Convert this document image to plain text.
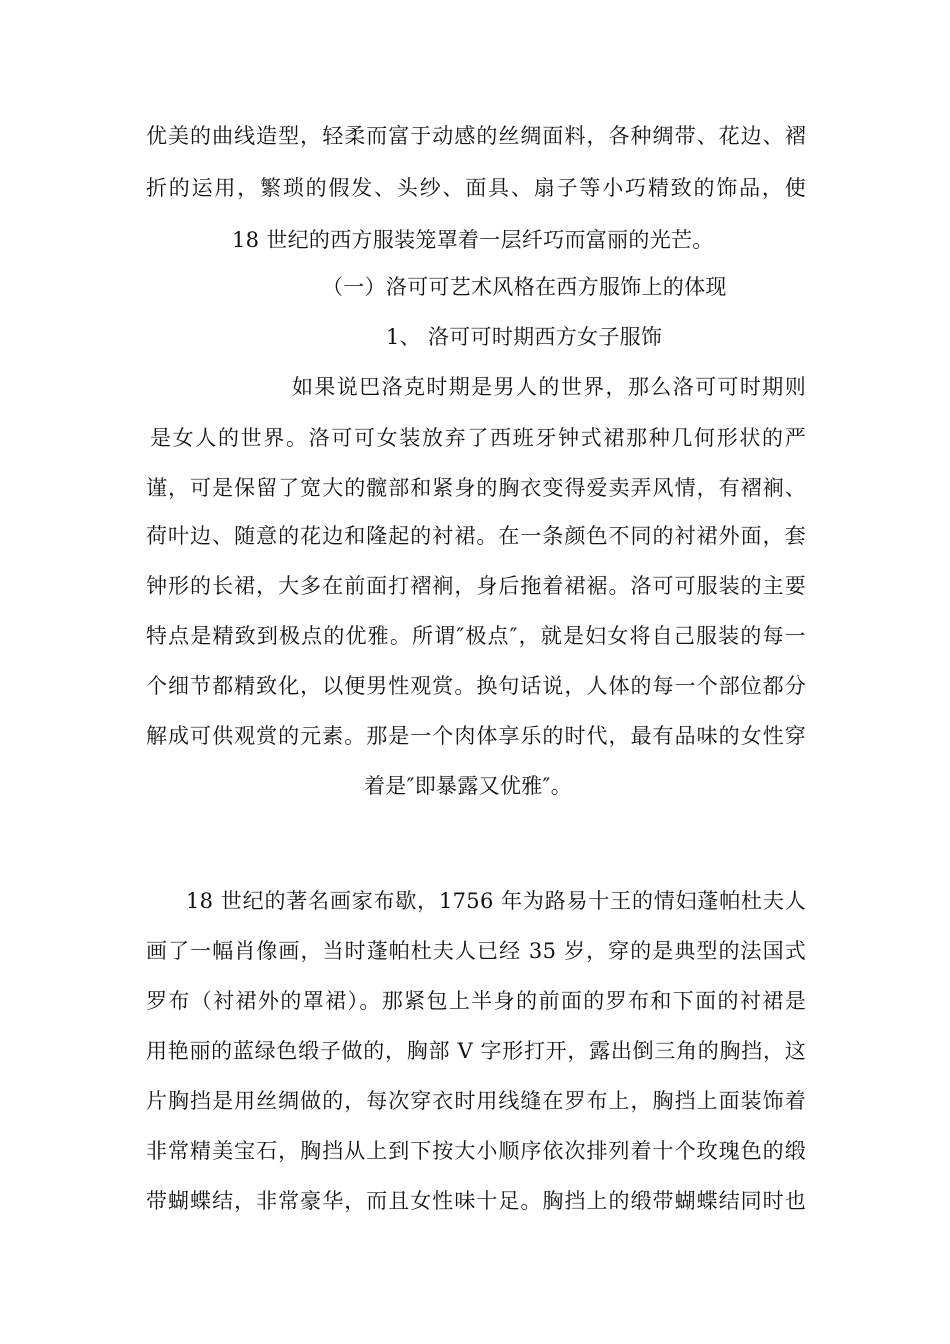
优美的曲线造型，轻柔而富于动感的丝绸面料，各种绸带、花边、褶
折的运用，繁琐的假发、头纱、面具、扇子等小巧精致的饰品，使
18 世纪的西方服装笼罩着一层纤巧而富丽的光芒。
（一）洛可可艺术风格在西方服饰上的体现
1、 洛可可时期西方女子服饰
如果说巴洛克时期是男人的世界，那么洛可可时期则
是女人的世界。洛可可女装放弃了西班牙钟式裙那种几何形状的严
谨，可是保留了宽大的髋部和紧身的胸衣变得爱卖弄风情，有褶裥、
荷叶边、随意的花边和隆起的衬裙。在一条颜色不同的衬裙外面，套
钟形的长裙，大多在前面打褶裥，身后拖着裙裾。洛可可服装的主要
特点是精致到极点的优雅。所谓″极点″，就是妇女将自己服装的每一
个细节都精致化，以便男性观赏。换句话说，人体的每一个部位都分
解成可供观赏的元素。那是一个肉体享乐的时代，最有品味的女性穿
着是″即暴露又优雅″。
18 世纪的著名画家布歇，1756 年为路易十王的情妇蓬帕杜夫人
画了一幅肖像画，当时蓬帕杜夫人已经 35 岁，穿的是典型的法国式
罗布（衬裙外的罩裙）。那紧包上半身的前面的罗布和下面的衬裙是
用艳丽的蓝绿色缎子做的，胸部 V 字形打开，露出倒三角的胸挡，这
片胸挡是用丝绸做的，每次穿衣时用线缝在罗布上，胸挡上面装饰着
非常精美宝石，胸挡从上到下按大小顺序依次排列着十个玫瑰色的缎
带蝴蝶结，非常豪华，而且女性味十足。胸挡上的缎带蝴蝶结同时也
